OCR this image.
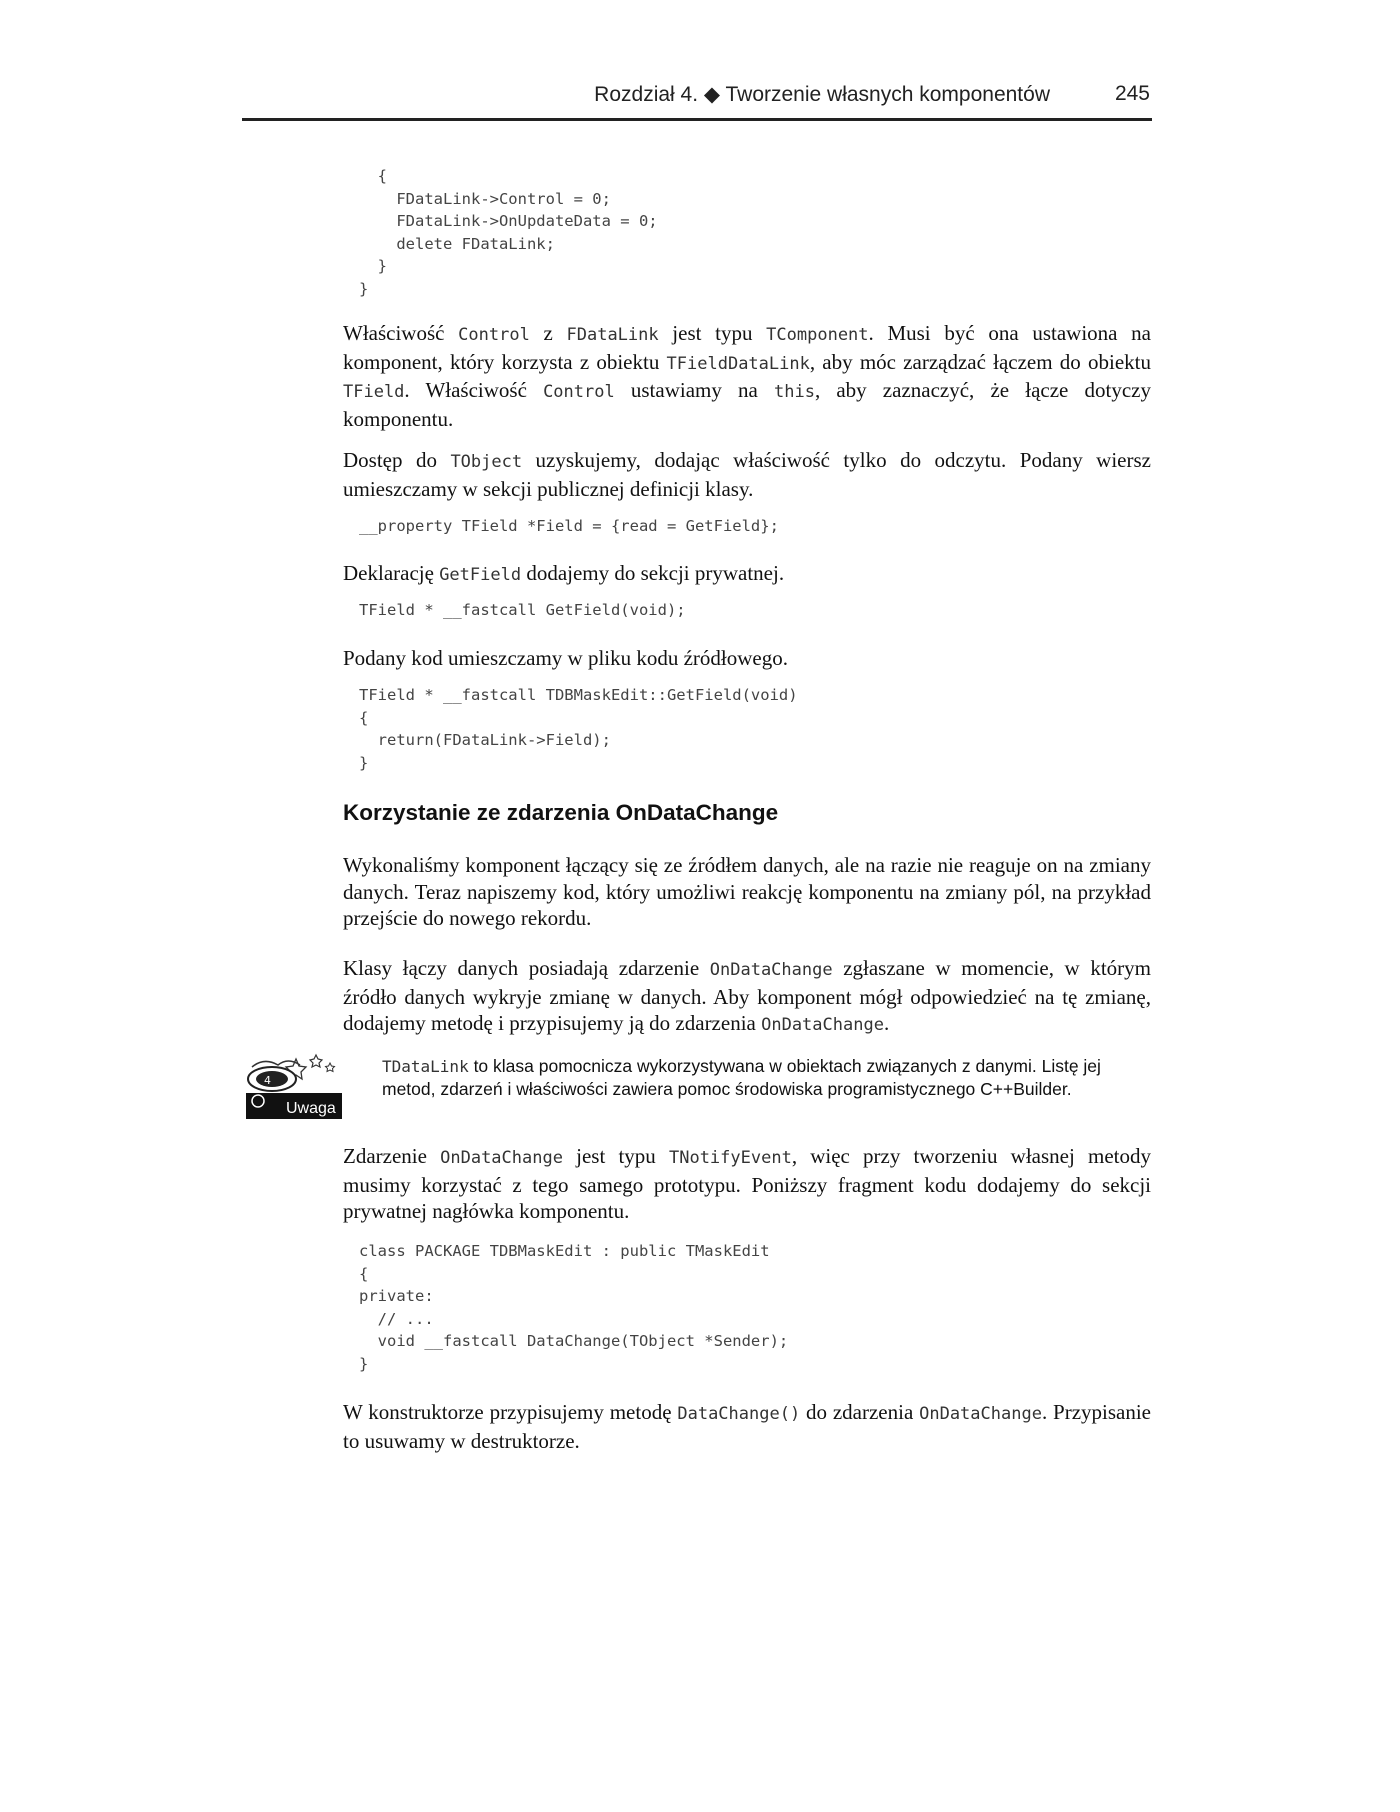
Rozdział 4. ◆ Tworzenie własnych komponentów	245
{
FDataLink->Control = 0;
FDataLink->OnUpdateData = 0;
delete FDataLink;
}
}

Właściwość Control z FDataLink jest typu TComponent. Musi być ona ustawiona na komponent, który korzysta z obiektu TFieldDataLink, aby móc zarządzać łączem do obiektu TField. Właściwość Control ustawiamy na this, aby zaznaczyć, że łącze dotyczy komponentu.

Dostęp do TObject uzyskujemy, dodając właściwość tylko do odczytu. Podany wiersz umieszczamy w sekcji publicznej definicji klasy.

__property TField *Field = {read = GetField};

Deklarację GetField dodajemy do sekcji prywatnej.

TField * __fastcall GetField(void);

Podany kod umieszczamy w pliku kodu źródłowego.

TField * __fastcall TDBMaskEdit::GetField(void)
{
return(FDataLink->Field);
}
Korzystanie ze zdarzenia OnDataChange

Wykonaliśmy komponent łączący się ze źródłem danych, ale na razie nie reaguje on na zmiany danych. Teraz napiszemy kod, który umożliwi reakcję komponentu na zmiany pól, na przykład przejście do nowego rekordu.

Klasy łączy danych posiadają zdarzenie OnDataChange zgłaszane w momencie, w którym źródło danych wykryje zmianę w danych. Aby komponent mógł odpowiedzieć na tę zmianę, dodajemy metodę i przypisujemy ją do zdarzenia OnDataChange.

4
Uwaga

TDataLink to klasa pomocnicza wykorzystywana w obiektach związanych z danymi. Listę jej metod, zdarzeń i właściwości zawiera pomoc środowiska programistycznego C++Builder.

Zdarzenie OnDataChange jest typu TNotifyEvent, więc przy tworzeniu własnej metody musimy korzystać z tego samego prototypu. Poniższy fragment kodu dodajemy do sekcji prywatnej nagłówka komponentu.

class PACKAGE TDBMaskEdit : public TMaskEdit
{
private:
// ...
void __fastcall DataChange(TObject *Sender);
}

W konstruktorze przypisujemy metodę DataChange() do zdarzenia OnDataChange. Przypisanie to usuwamy w destruktorze.
